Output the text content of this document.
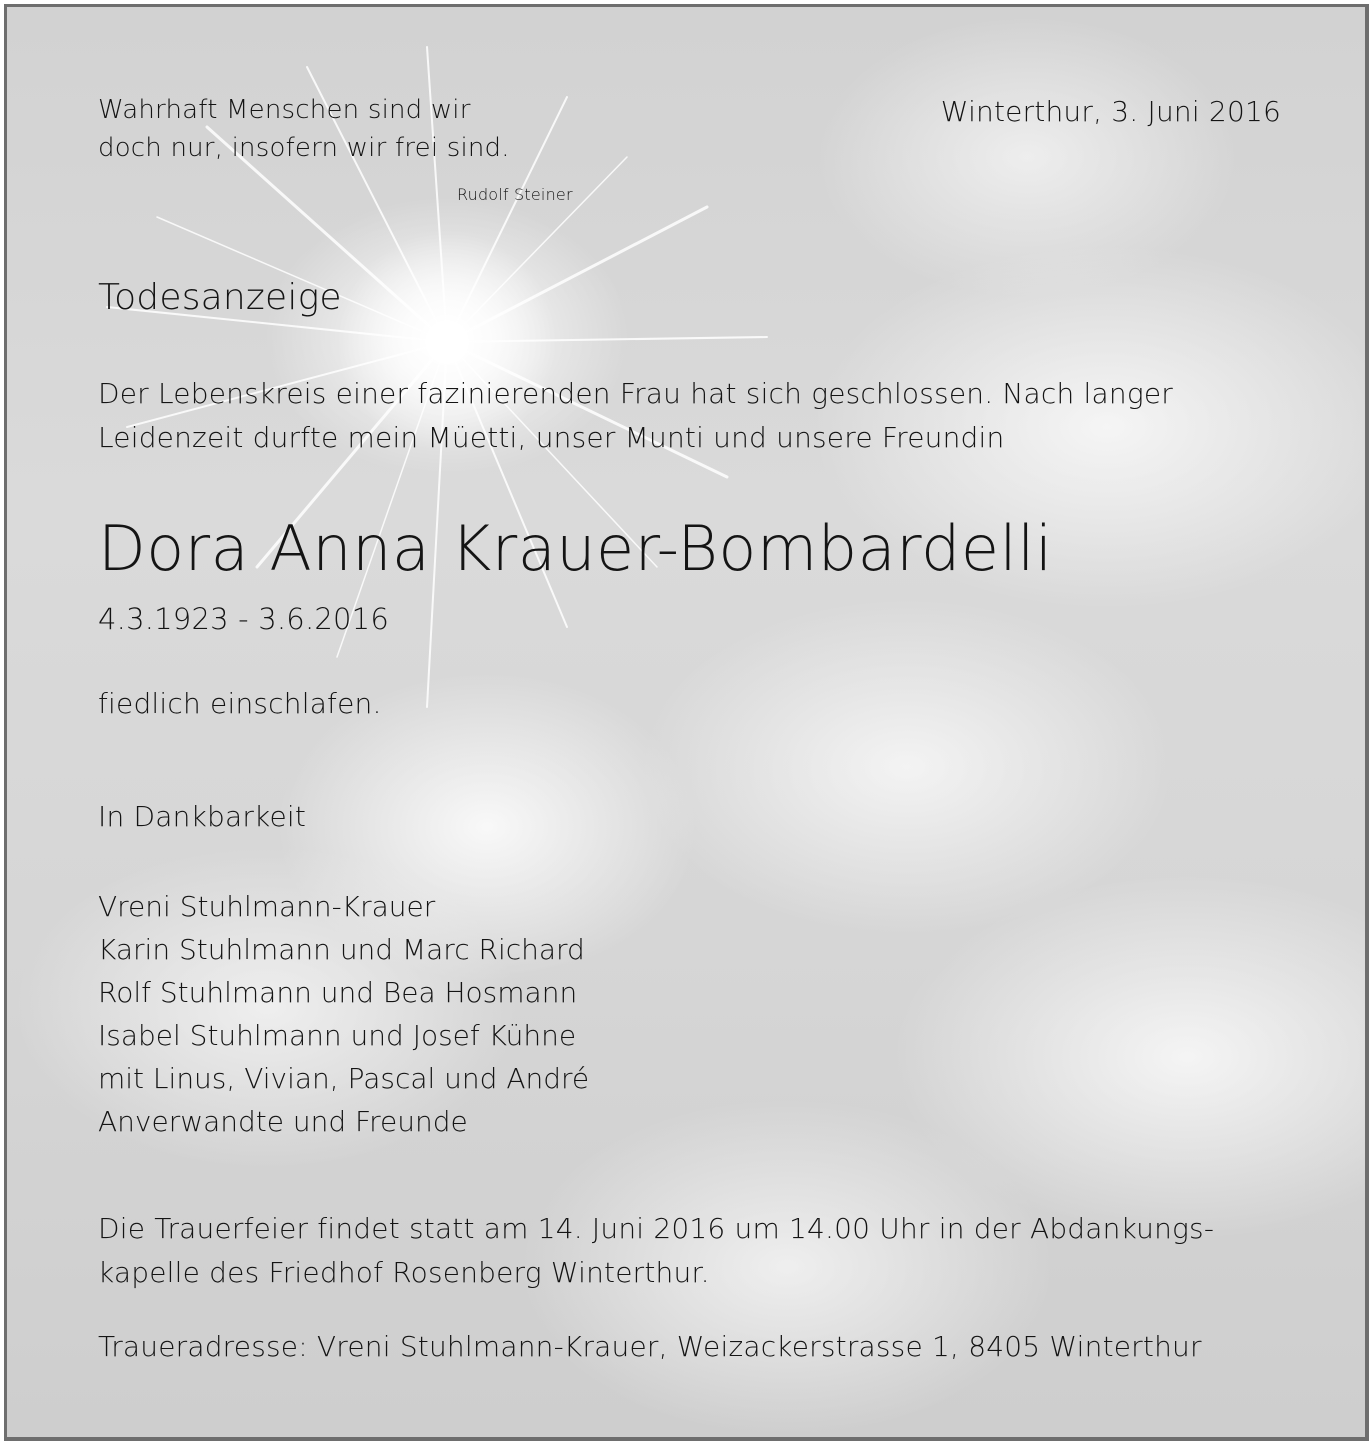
Wahrhaft Menschen sind wir

doch nur, insofern wir frei sind.

Rudolf Steiner

Winterthur, 3. Juni 2016

Todesanzeige

Der Lebenskreis einer fazinierenden Frau hat sich geschlossen. Nach langer

Leidenzeit durfte mein Müetti, unser Munti und unsere Freundin

Dora Anna Krauer-Bombardelli

4.3.1923 - 3.6.2016

fiedlich einschlafen.

In Dankbarkeit

Vreni Stuhlmann-Krauer
Karin Stuhlmann und Marc Richard
Rolf Stuhlmann und Bea Hosmann
Isabel Stuhlmann und Josef Kühne
mit Linus, Vivian, Pascal und André
Anverwandte und Freunde

Die Trauerfeier findet statt am 14. Juni 2016 um 14.00 Uhr in der Abdankungs-

kapelle des Friedhof Rosenberg Winterthur.

Traueradresse: Vreni Stuhlmann-Krauer, Weizackerstrasse 1, 8405 Winterthur
